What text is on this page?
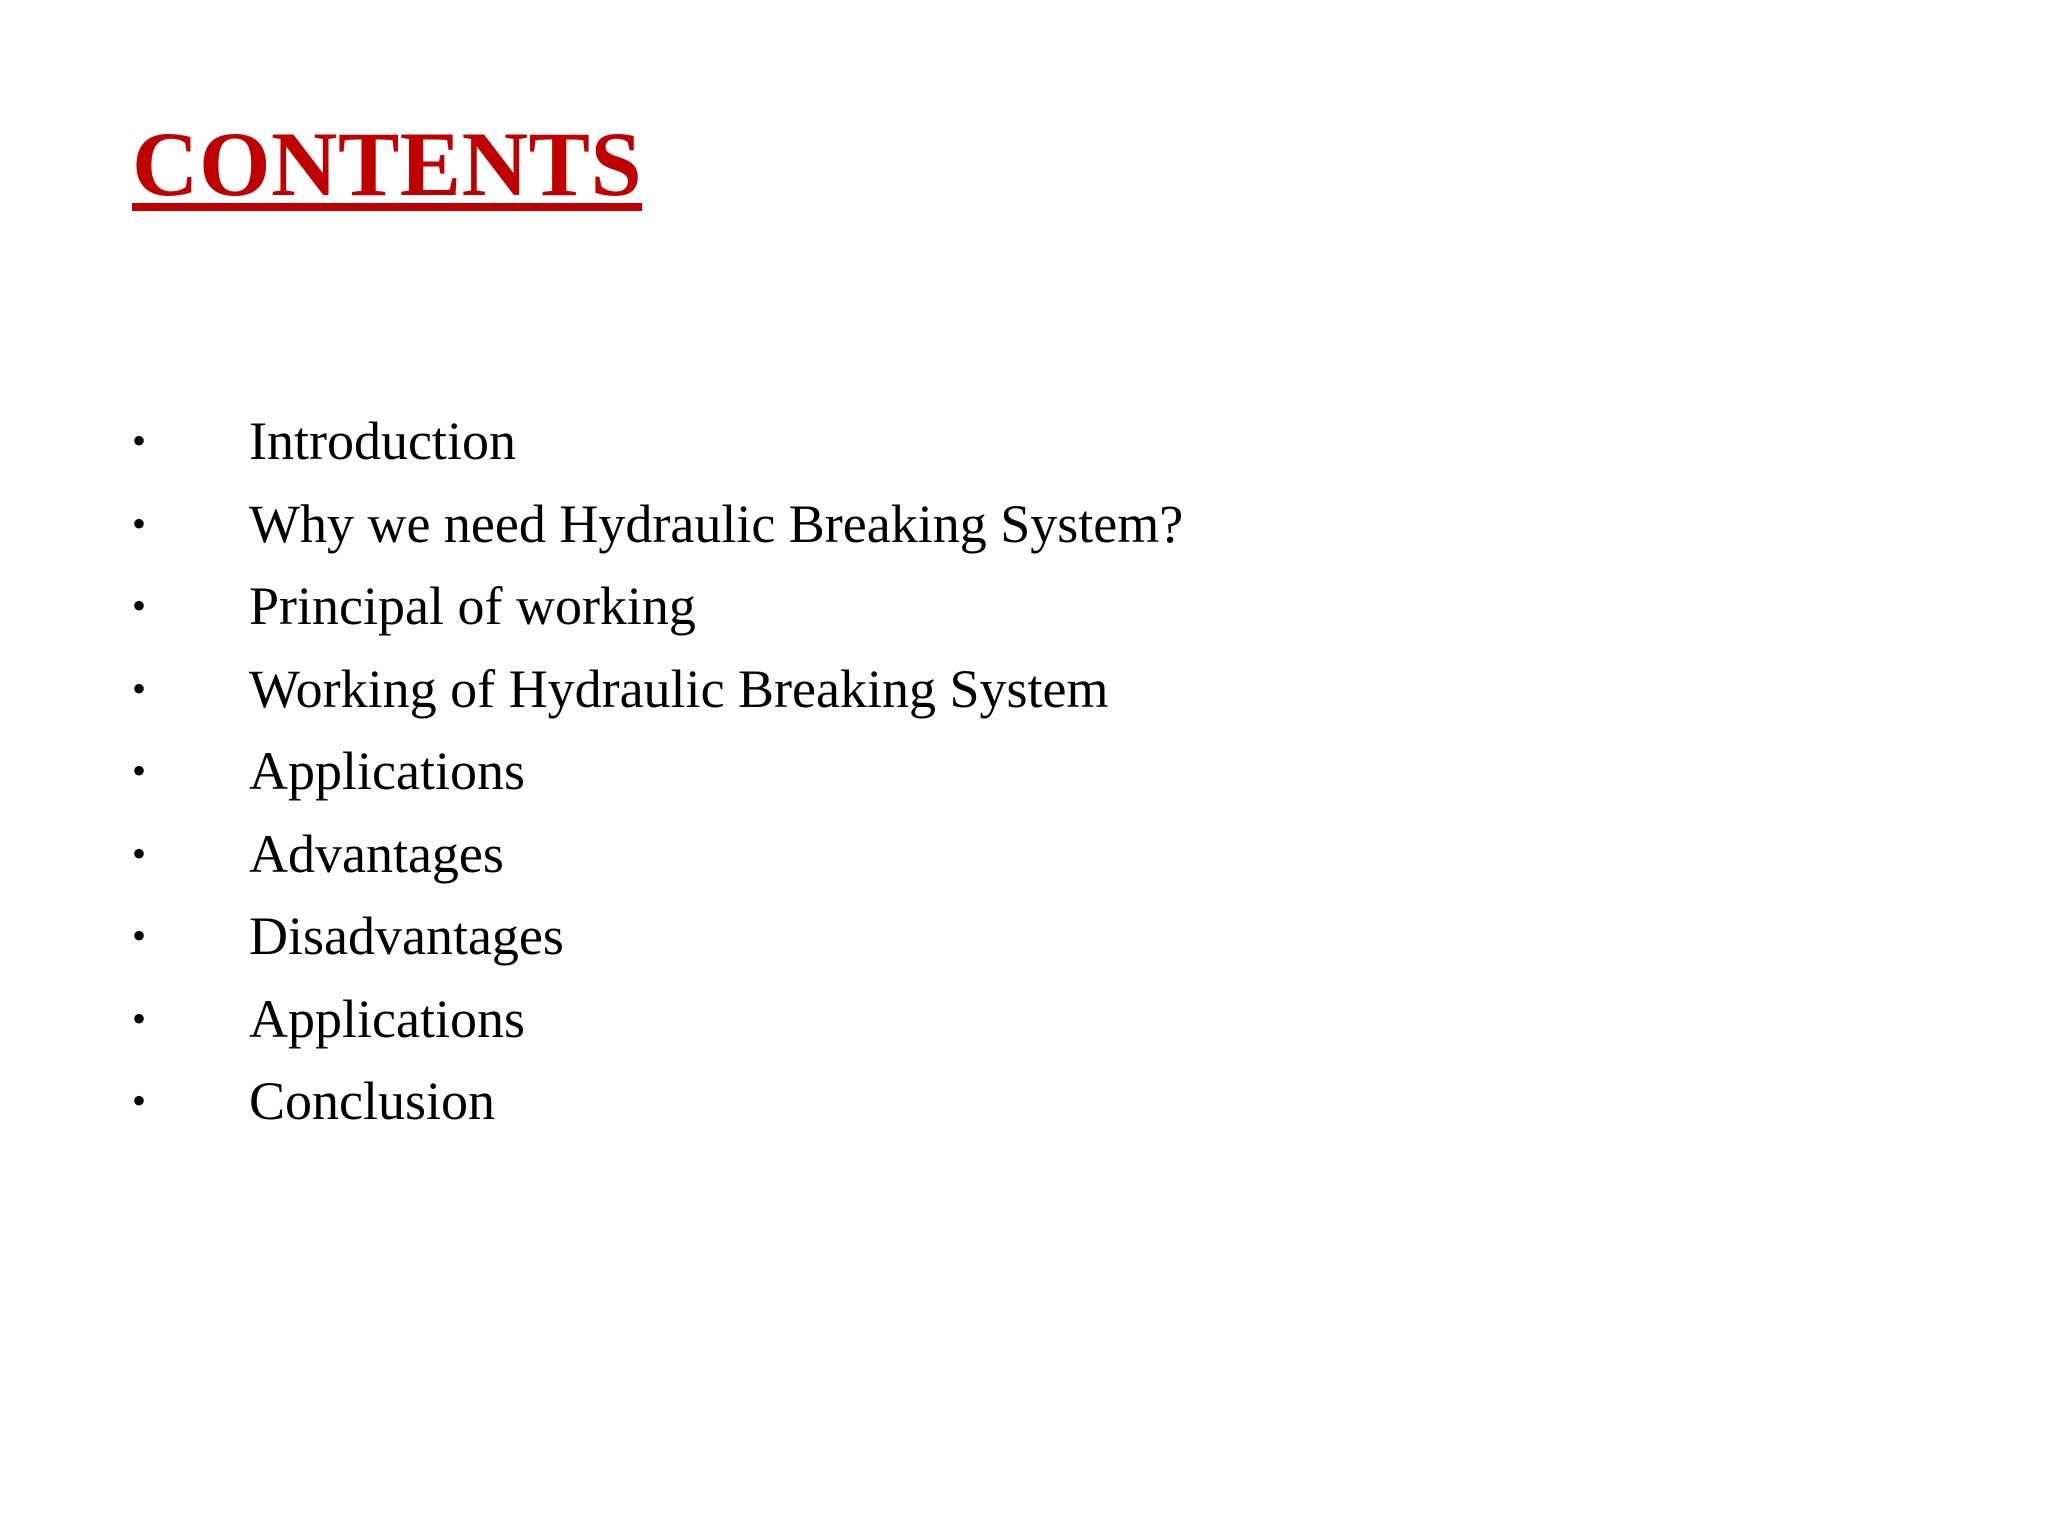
CONTENTS
•	Introduction
•	Why we need Hydraulic Breaking System?
•	Principal of working
•	Working of Hydraulic Breaking System
•	Applications
•	Advantages
•	Disadvantages
•	Applications
•	Conclusion
